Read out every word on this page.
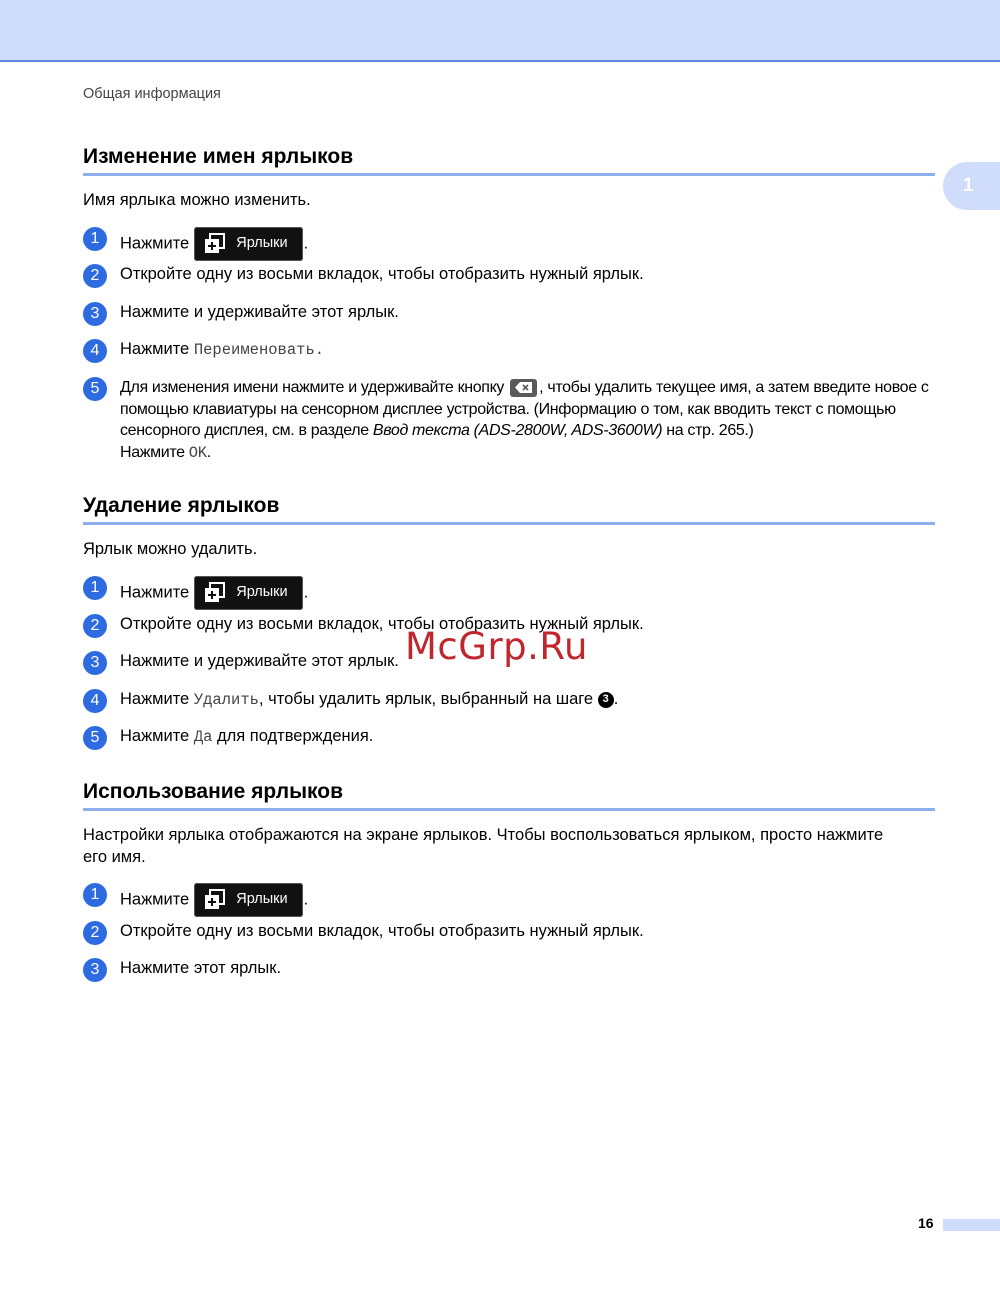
Общая информация
1
Изменение имен ярлыков
Имя ярлыка можно изменить.
1	Нажмите	Ярлыки .
2	Откройте одну из восьми вкладок, чтобы отобразить нужный ярлык.
3	Нажмите и удерживайте этот ярлык.
4	Нажмите Переименовать.
5	Для изменения имени нажмите и удерживайте кнопку
, чтобы удалить текущее имя, а затем введите новое с помощью клавиатуры на сенсорном дисплее устройства. (Информацию о том, как вводить текст с помощью сенсорного дисплея, см. в разделе Ввод текста (ADS-2800W, ADS-3600W) на стр. 265.)
Нажмите OK.
Удаление ярлыков
Ярлык можно удалить.
1	Нажмите	Ярлыки .
2	Откройте одну из восьми вкладок, чтобы отобразить нужный ярлык.
3	Нажмите и удерживайте этот ярлык.
4	Нажмите Удалить, чтобы удалить ярлык, выбранный на шаге 3 .
5	Нажмите Да для подтверждения.
Использование ярлыков
Настройки ярлыка отображаются на экране ярлыков. Чтобы воспользоваться ярлыком, просто нажмите его имя.
1	Нажмите	Ярлыки .
2	Откройте одну из восьми вкладок, чтобы отобразить нужный ярлык.
3	Нажмите этот ярлык.
McGrp.Ru
16
